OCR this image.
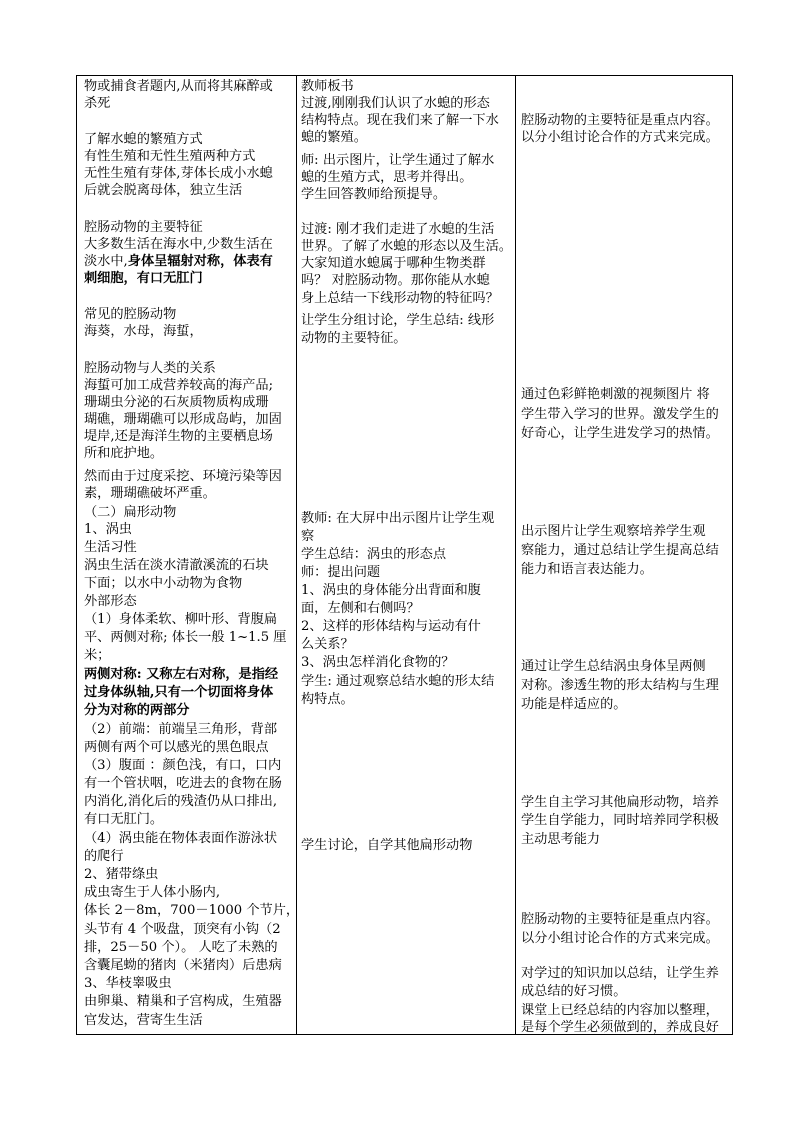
物或捕食者题内,从而将其麻醉或
杀死
了解水螅的繁殖方式
有性生殖和无性生殖两种方式
无性生殖有芽体,芽体长成小水螅
后就会脱离母体，独立生活
腔肠动物的主要特征
大多数生活在海水中,少数生活在
淡水中,身体呈辐射对称，体表有
刺细胞，有口无肛门
常见的腔肠动物
海葵，水母，海蜇，
腔肠动物与人类的关系
海蜇可加工成营养较高的海产品;
珊瑚虫分泌的石灰质物质构成珊
瑚礁，珊瑚礁可以形成岛屿，加固
堤岸,还是海洋生物的主要栖息场
所和庇护地。
然而由于过度采挖、环境污染等因
素，珊瑚礁破坏严重。
（二）扁形动物
1、涡虫
生活习性
涡虫生活在淡水清澈溪流的石块
下面；以水中小动物为食物
外部形态
（1）身体柔软、柳叶形、背腹扁
平、两侧对称; 体长一般 1~1.5 厘
米；
两侧对称: 又称左右对称，是指经
过身体纵轴,只有一个切面将身体
分为对称的两部分
（2）前端：前端呈三角形，背部
两侧有两个可以感光的黑色眼点
（3）腹面 ：颜色浅，有口，口内
有一个管状咽，吃进去的食物在肠
内消化,消化后的残渣仍从口排出,
有口无肛门。
（4）涡虫能在物体表面作游泳状
的爬行
2、猪带绦虫
成虫寄生于人体小肠内,
体长 2－8m，700－1000 个节片，
头节有 4 个吸盘，顶突有小钩（2
排，25－50 个）。 人吃了未熟的
含囊尾蚴的猪肉（米猪肉）后患病
3、华枝睾吸虫
由卵巢、精巢和子宫构成，生殖器
官发达，营寄生生活
教师板书
过渡,刚刚我们认识了水螅的形态
结构特点。现在我们来了解一下水
螅的繁殖。
师: 出示图片，让学生通过了解水
螅的生殖方式，思考并得出。
学生回答教师给预提导。
过渡: 刚才我们走进了水螅的生活
世界。了解了水螅的形态以及生活。
大家知道水螅属于哪种生物类群
吗？ 对腔肠动物。那你能从水螅
身上总结一下线形动物的特征吗？
让学生分组讨论，学生总结: 线形
动物的主要特征。
教师: 在大屏中出示图片让学生观
察
学生总结：涡虫的形态点
师：提出问题
1、涡虫的身体能分出背面和腹
面，左侧和右侧吗？
2、这样的形体结构与运动有什
么关系？
3、涡虫怎样消化食物的？
学生: 通过观察总结水螅的形太结
构特点。
学生讨论，自学其他扁形动物
腔肠动物的主要特征是重点内容。
以分小组讨论合作的方式来完成。
通过色彩鲜艳刺激的视频图片 将
学生带入学习的世界。激发学生的
好奇心，让学生进发学习的热情。
出示图片让学生观察培养学生观
察能力，通过总结让学生提高总结
能力和语言表达能力。
通过让学生总结涡虫身体呈两侧
对称。渗透生物的形太结构与生理
功能是样适应的。
学生自主学习其他扁形动物，培养
学生自学能力，同时培养同学积极
主动思考能力
腔肠动物的主要特征是重点内容。
以分小组讨论合作的方式来完成。
对学过的知识加以总结，让学生养
成总结的好习惯。
课堂上已经总结的内容加以整理，
是每个学生必须做到的，养成良好
